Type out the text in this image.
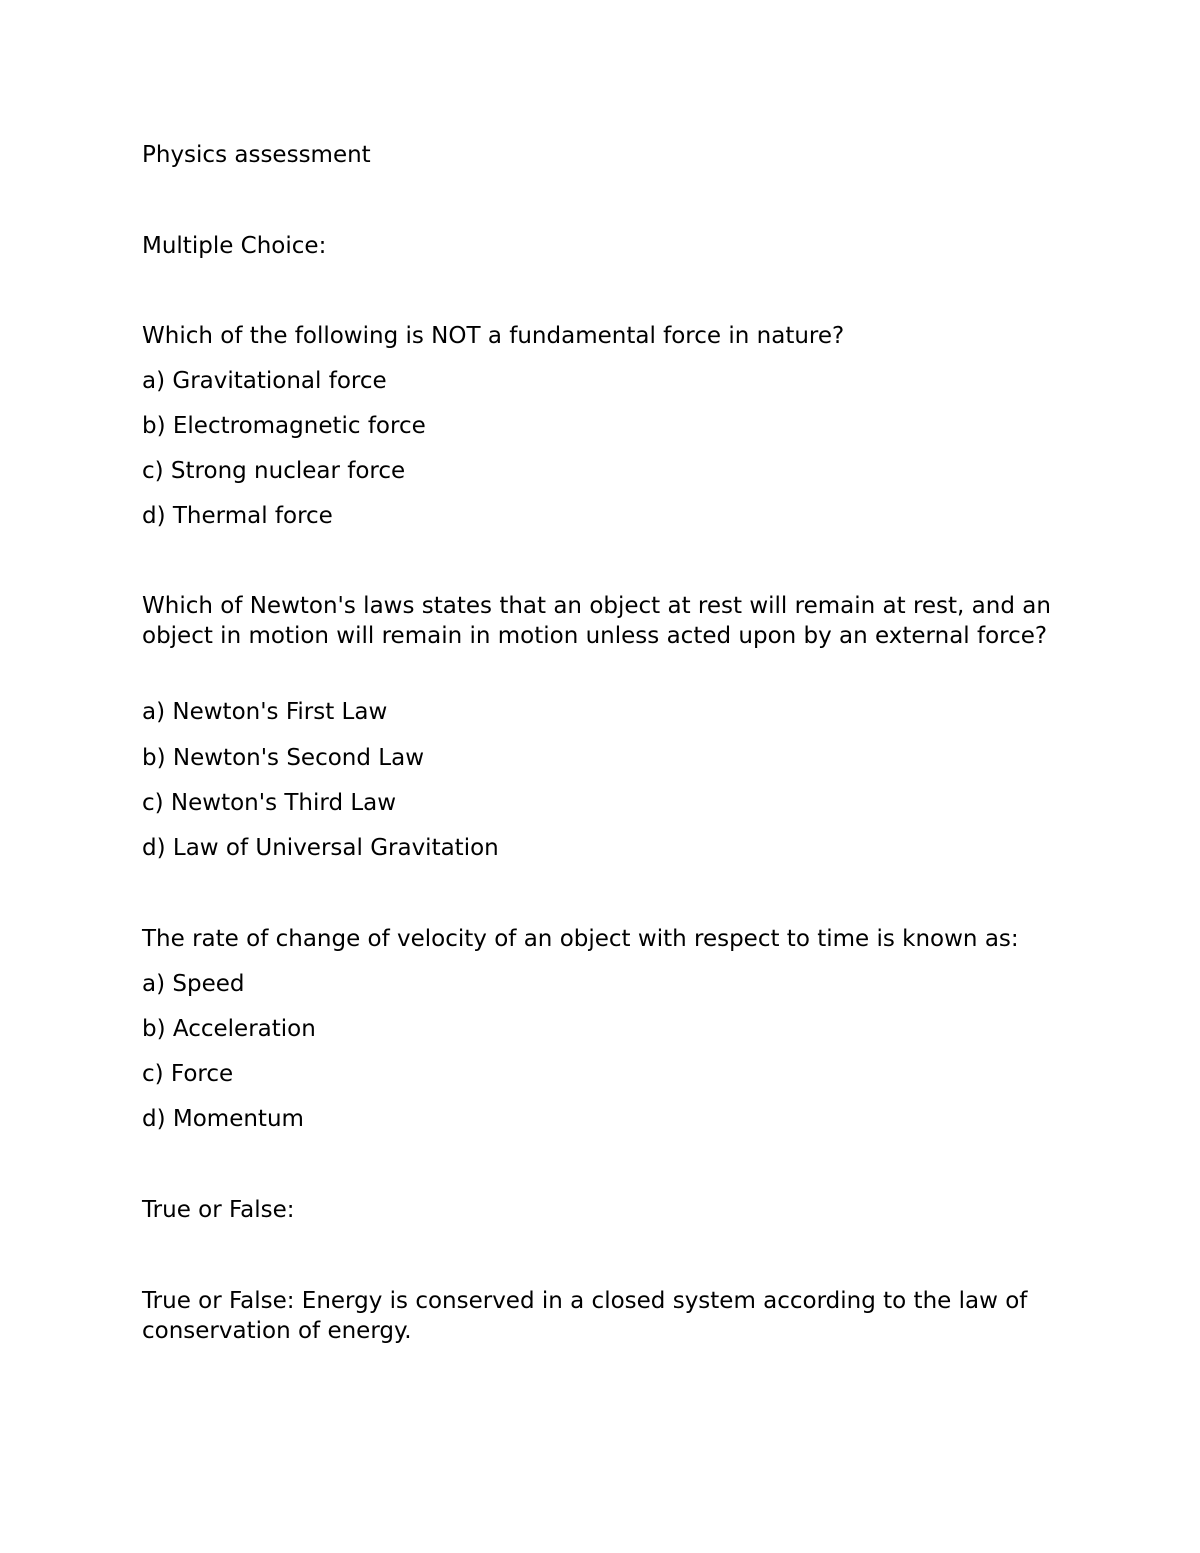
Physics assessment
Multiple Choice:
Which of the following is NOT a fundamental force in nature?
a) Gravitational force
b) Electromagnetic force
c) Strong nuclear force
d) Thermal force
Which of Newton's laws states that an object at rest will remain at rest, and an object in motion will remain in motion unless acted upon by an external force?
a) Newton's First Law
b) Newton's Second Law
c) Newton's Third Law
d) Law of Universal Gravitation
The rate of change of velocity of an object with respect to time is known as:
a) Speed
b) Acceleration
c) Force
d) Momentum
True or False:
True or False: Energy is conserved in a closed system according to the law of conservation of energy.
